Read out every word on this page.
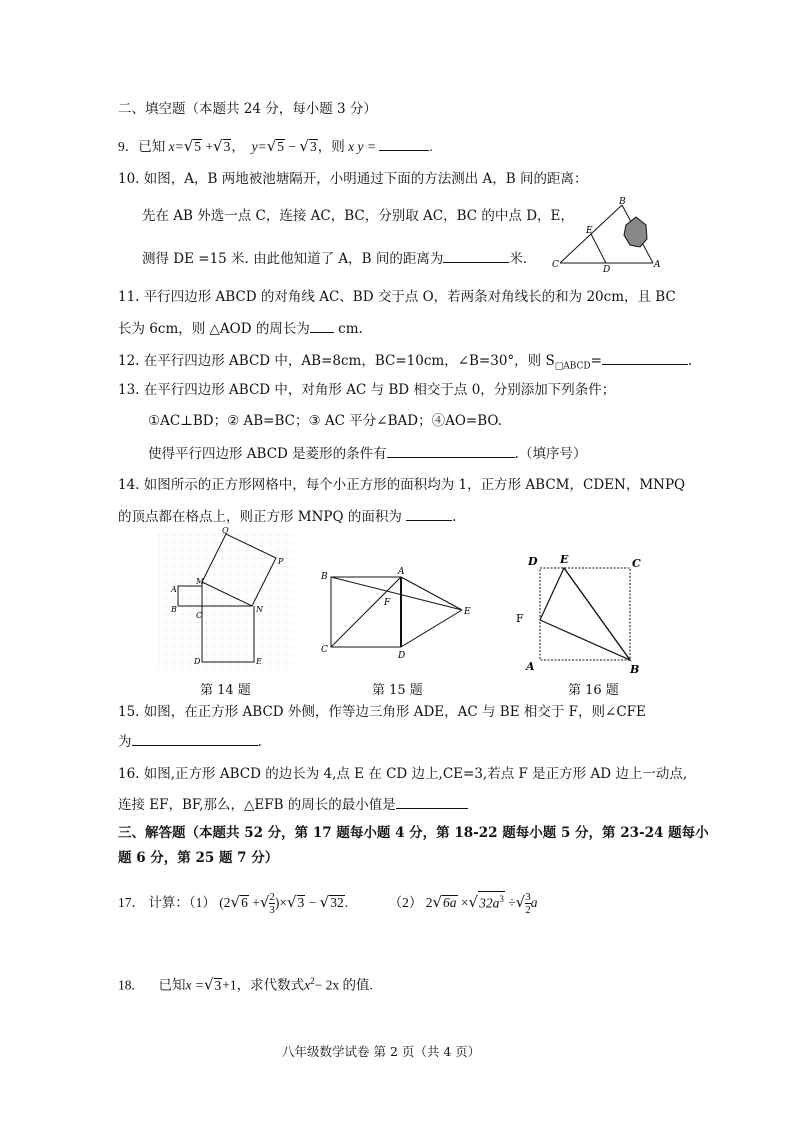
二、填空题（本题共 24 分，每小题 3 分）
9．已知 x=√5 +√3， y=√5 − √3，则 x y =	.
10. 如图，A，B 两地被池塘隔开，小明通过下面的方法测出 A，B 间的距离：
先在 AB 外选一点 C，连接 AC，BC，分别取 AC，BC 的中点 D，E，
测得 DE =15 米. 由此他知道了 A，B 间的距离为	米.
B
E
C	D	A
11. 平行四边形 ABCD 的对角线 AC、BD 交于点 O，若两条对角线长的和为 20cm，且 BC
长为 6cm，则 △AOD 的周长为 cm.
12. 在平行四边形 ABCD 中，AB=8cm，BC=10cm，∠B=30°，则 $S_{□ABCD}=$	.
13. 在平行四边形 ABCD 中，对角形 AC 与 BD 相交于点 0，分别添加下列条件；
①AC⊥BD；② AB=BC；③ AC 平分∠BAD；④AO=BO.
使得平行四边形 ABCD 是菱形的条件有	.（填序号）
14. 如图所示的正方形网格中，每个小正方形的面积均为 1，正方形 ABCM，CDEN，MNPQ
的顶点都在格点上，则正方形 MNPQ 的面积为	.
Q
P
M
A
B
C
N
D	E
第 14 题
B	A
F
E
C
D
第 15 题
D E	C
F
A	B
第 16 题
15. 如图，在正方形 ABCD 外侧，作等边三角形 ADE，AC 与 BE 相交于 F，则∠CFE
为	.
16. 如图,正方形 ABCD 的边长为 4,点 E 在 CD 边上,CE=3,若点 F 是正方形 AD 边上一动点,
连接 EF，BF,那么，△EFB 的周长的最小值是
三、解答题（本题共 52 分，第 17 题每小题 4 分，第 18-22 题每小题 5 分，第 23-24 题每小
题 6 分，第 25 题 7 分）
17． 计算：（1） (2√6 +√ $\frac{2}{3} )\times√3 - √32$.	（2） $2√6a \times√32a^3$ ÷√ $\frac{3}{2}$ a
18. 已知x =√3+1，求代数式$x^2- 2x$ 的值.
八年级数学试卷 第 2 页（共 4 页）
